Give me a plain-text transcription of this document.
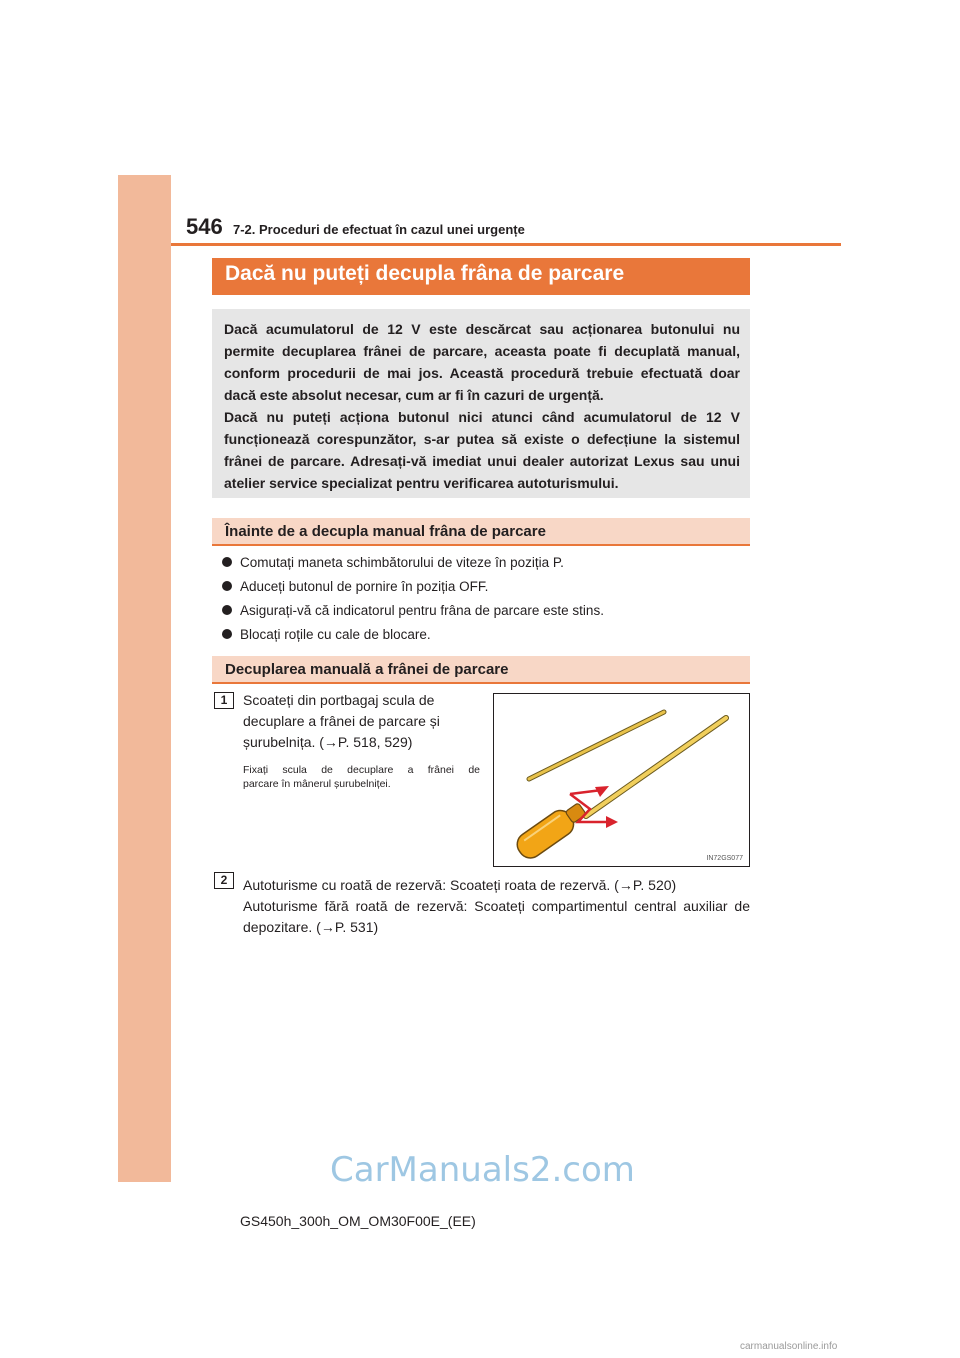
546 7-2. Proceduri de efectuat în cazul unei urgențe
Dacă nu puteți decupla frâna de parcare

Dacă acumulatorul de 12 V este descărcat sau acționarea butonului nu permite decuplarea frânei de parcare, aceasta poate fi decuplată manual, conform procedurii de mai jos. Această procedură trebuie efectuată doar dacă este absolut necesar, cum ar fi în cazuri de urgență.

Dacă nu puteți acționa butonul nici atunci când acumulatorul de 12 V funcționează corespunzător, s-ar putea să existe o defecțiune la sistemul frânei de parcare. Adresați-vă imediat unui dealer autorizat Lexus sau unui atelier service specializat pentru verificarea autoturismului.

Înainte de a decupla manual frâna de parcare
Comutați maneta schimbătorului de viteze în poziția P.
Aduceți butonul de pornire în poziția OFF.
Asigurați-vă că indicatorul pentru frâna de parcare este stins.
Blocați roțile cu cale de blocare.
Decuplarea manuală a frânei de parcare
1	Scoateți din portbagaj scula de decuplare a frânei de parcare și șurubelnița. (→P. 518, 529)
Fixați scula de decuplare a frânei de
parcare în mânerul șurubelniței.
IN72GS077
2	Autoturisme cu roată de rezervă: Scoateți roata de rezervă. (→P. 520)

Autoturisme fără roată de rezervă: Scoateți compartimentul central auxiliar de

depozitare. (→P. 531)

CarManuals2.com
GS450h_300h_OM_OM30F00E_(EE)
carmanualsonline.info
